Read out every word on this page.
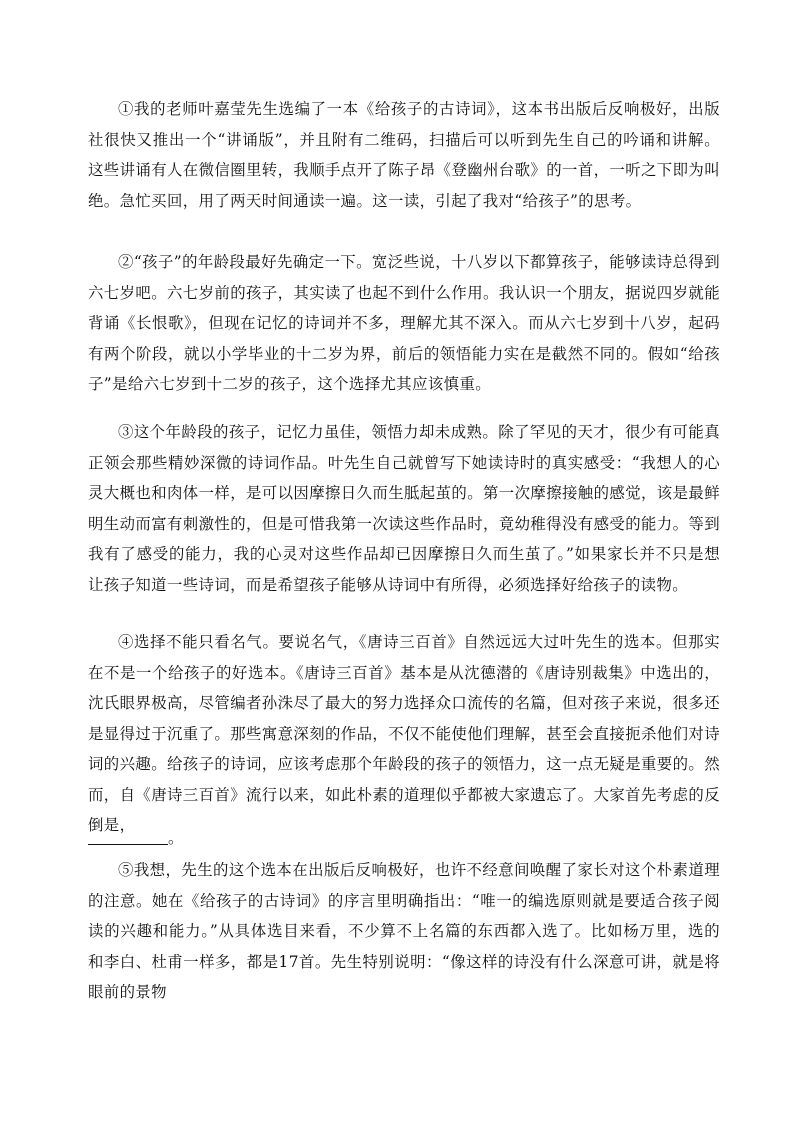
①我的老师叶嘉莹先生选编了一本《给孩子的古诗词》，这本书出版后反响极好，出版社很快又推出一个“讲诵版”，并且附有二维码，扫描后可以听到先生自己的吟诵和讲解。这些讲诵有人在微信圈里转，我顺手点开了陈子昂《登幽州台歌》的一首，一听之下即为叫绝。急忙买回，用了两天时间通读一遍。这一读，引起了我对“给孩子”的思考。

②“孩子”的年龄段最好先确定一下。宽泛些说，十八岁以下都算孩子，能够读诗总得到六七岁吧。六七岁前的孩子，其实读了也起不到什么作用。我认识一个朋友，据说四岁就能背诵《长恨歌》，但现在记忆的诗词并不多，理解尤其不深入。而从六七岁到十八岁，起码有两个阶段，就以小学毕业的十二岁为界，前后的领悟能力实在是截然不同的。假如“给孩子”是给六七岁到十二岁的孩子，这个选择尤其应该慎重。

③这个年龄段的孩子，记忆力虽佳，领悟力却未成熟。除了罕见的天才，很少有可能真正领会那些精妙深微的诗词作品。叶先生自己就曾写下她读诗时的真实感受：“我想人的心灵大概也和肉体一样，是可以因摩擦日久而生胝起茧的。第一次摩擦接触的感觉，该是最鲜明生动而富有刺激性的，但是可惜我第一次读这些作品时，竟幼稚得没有感受的能力。等到我有了感受的能力，我的心灵对这些作品却已因摩擦日久而生茧了。”如果家长并不只是想让孩子知道一些诗词，而是希望孩子能够从诗词中有所得，必须选择好给孩子的读物。

④选择不能只看名气。要说名气，《唐诗三百首》自然远远大过叶先生的选本。但那实在不是一个给孩子的好选本。《唐诗三百首》基本是从沈德潜的《唐诗别裁集》中选出的，沈氏眼界极高，尽管编者孙洙尽了最大的努力选择众口流传的名篇，但对孩子来说，很多还是显得过于沉重了。那些寓意深刻的作品，不仅不能使他们理解，甚至会直接扼杀他们对诗词的兴趣。给孩子的诗词，应该考虑那个年龄段的孩子的领悟力，这一点无疑是重要的。然而，自《唐诗三百首》流行以来，如此朴素的道理似乎都被大家遗忘了。大家首先考虑的反倒是，

。

⑤我想，先生的这个选本在出版后反响极好，也许不经意间唤醒了家长对这个朴素道理的注意。她在《给孩子的古诗词》的序言里明确指出：“唯一的编选原则就是要适合孩子阅读的兴趣和能力。”从具体选目来看，不少算不上名篇的东西都入选了。比如杨万里，选的和李白、杜甫一样多，都是17首。先生特别说明：“像这样的诗没有什么深意可讲，就是将眼前的景物
